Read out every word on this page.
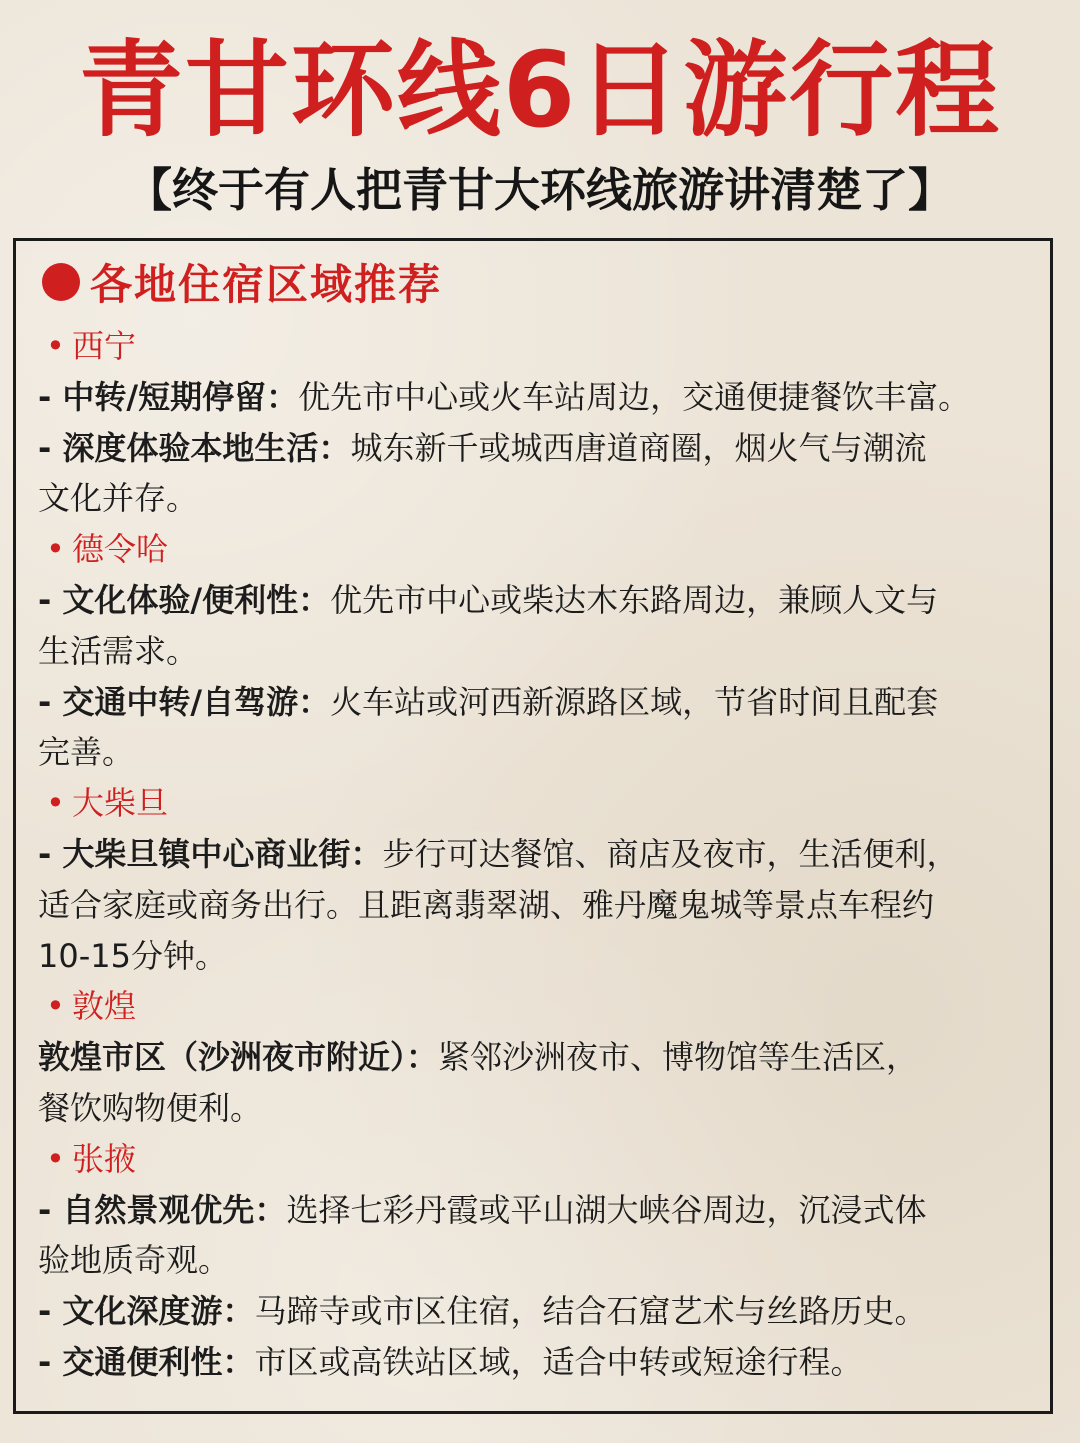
青甘环线6日游行程
【终于有人把青甘大环线旅游讲清楚了】
各地住宿区域推荐
• 西宁
- 中转/短期停留：优先市中心或火车站周边，交通便捷餐饮丰富。
- 深度体验本地生活：城东新千或城西唐道商圈，烟火气与潮流
文化并存。
• 德令哈
- 文化体验/便利性：优先市中心或柴达木东路周边，兼顾人文与
生活需求。
- 交通中转/自驾游：火车站或河西新源路区域，节省时间且配套
完善。
• 大柴旦
- 大柴旦镇中心商业街：步行可达餐馆、商店及夜市，生活便利，
适合家庭或商务出行。且距离翡翠湖、雅丹魔鬼城等景点车程约
10-15分钟。
• 敦煌
敦煌市区（沙洲夜市附近）：紧邻沙洲夜市、博物馆等生活区，
餐饮购物便利。
• 张掖
- 自然景观优先：选择七彩丹霞或平山湖大峡谷周边，沉浸式体
验地质奇观。
- 文化深度游：马蹄寺或市区住宿，结合石窟艺术与丝路历史。
- 交通便利性：市区或高铁站区域，适合中转或短途行程。
